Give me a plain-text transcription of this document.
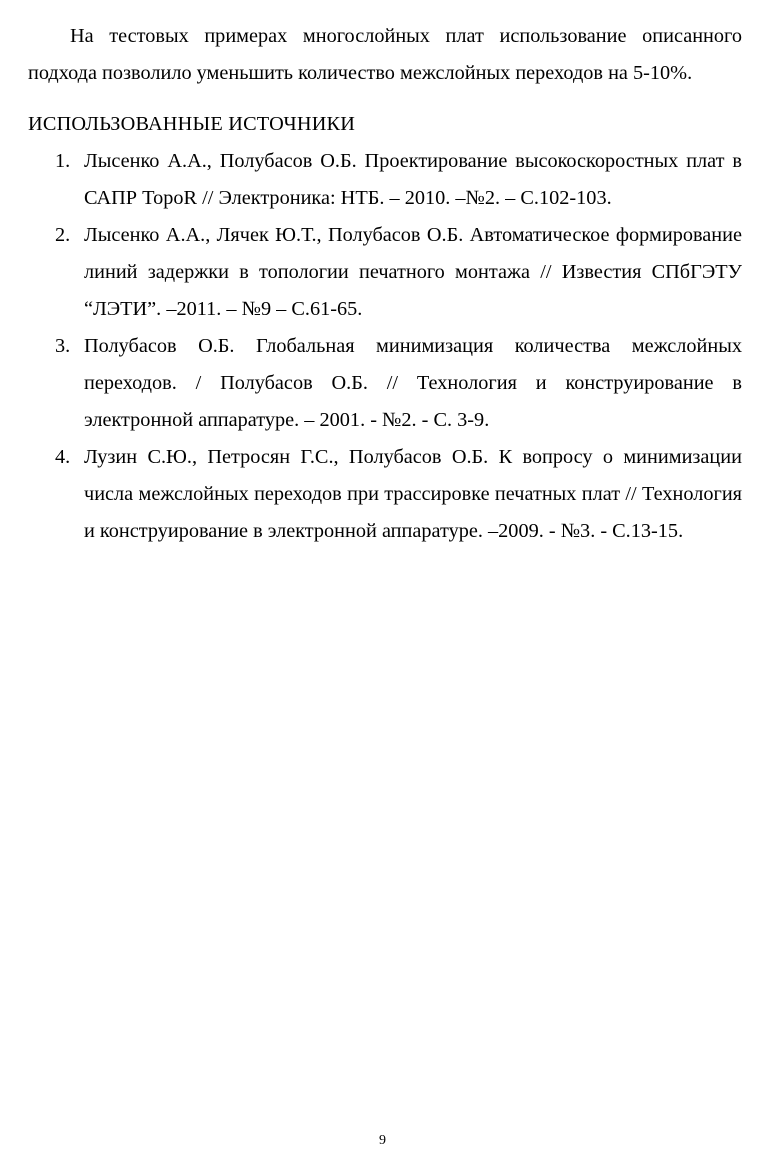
На тестовых примерах многослойных плат использование описанного подхода позволило уменьшить количество межслойных переходов на 5-10%.

ИСПОЛЬЗОВАННЫЕ ИСТОЧНИКИ
1. Лысенко А.А., Полубасов О.Б. Проектирование высокоскоростных плат в САПР TopoR // Электроника: НТБ. – 2010. –№2. – С.102-103.
2. Лысенко А.А., Лячек Ю.Т., Полубасов О.Б. Автоматическое формирование линий задержки в топологии печатного монтажа // Известия СПбГЭТУ “ЛЭТИ”. –2011. – №9 – С.61-65.
3. Полубасов О.Б. Глобальная минимизация количества межслойных переходов. / Полубасов О.Б. // Технология и конструирование в электронной аппаратуре. – 2001. - №2. - С. 3-9.
4. Лузин С.Ю., Петросян Г.С., Полубасов О.Б. К вопросу о минимизации числа межслойных переходов при трассировке печатных плат // Технология и конструирование в электронной аппаратуре. –2009. - №3. - С.13-15.
9
